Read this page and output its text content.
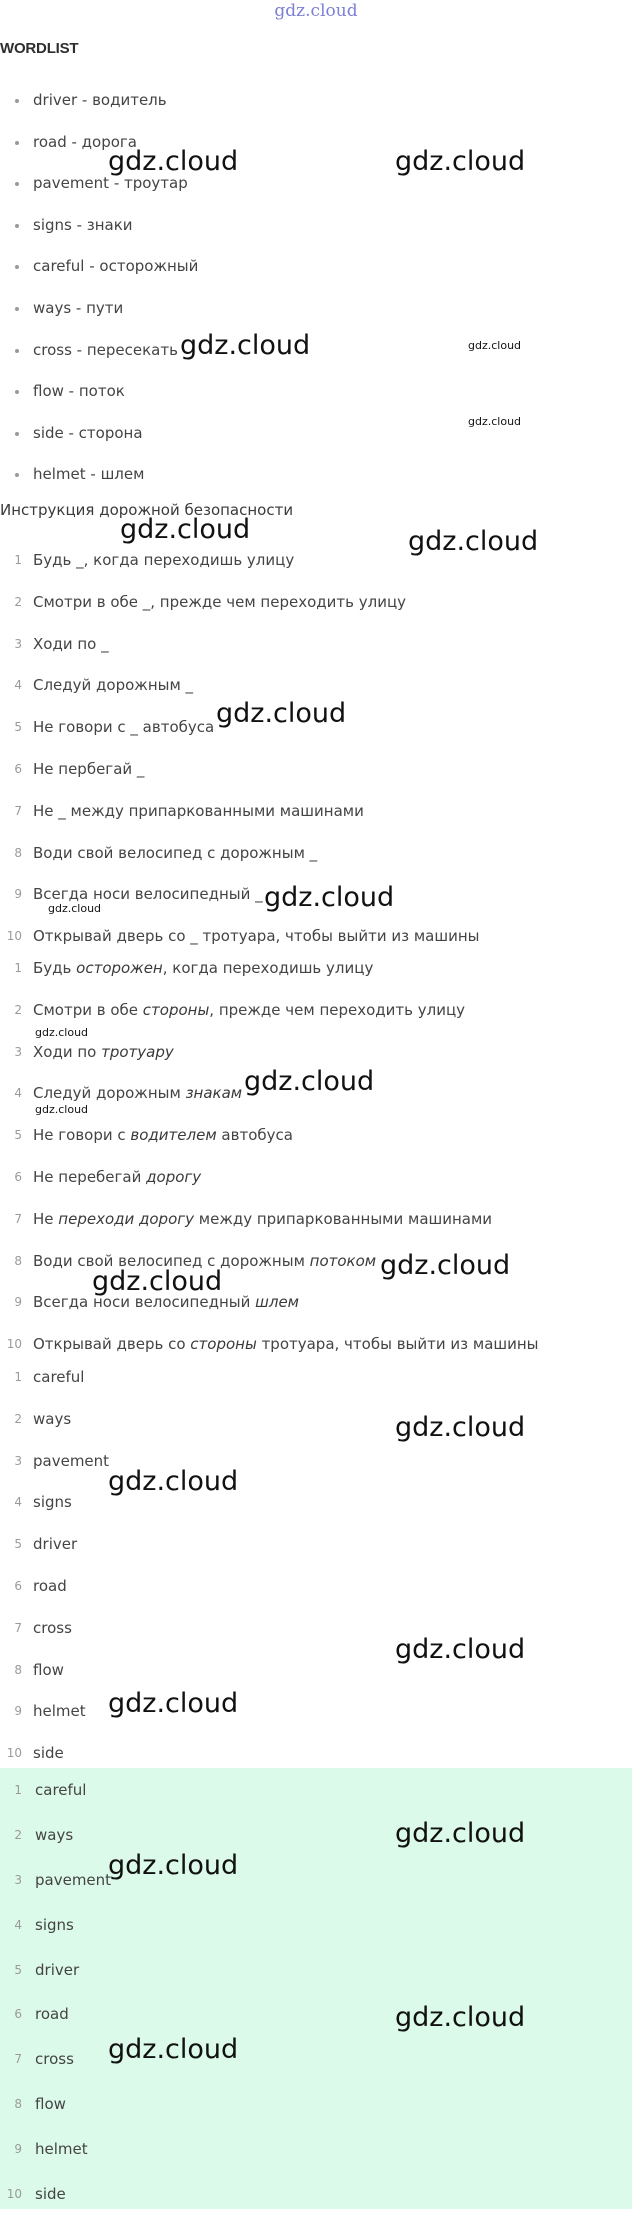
gdz.cloud
WORDLIST
driver - водитель
road - дорога
pavement - троутар
signs - знаки
careful - осторожный
ways - пути
cross - пересекать
flow - поток
side - сторона
helmet - шлем
Инструкция дорожной безопасности
1 Будь _, когда переходишь улицу
2 Смотри в обе _, прежде чем переходить улицу
3 Ходи по _
4 Следуй дорожным _
5 Не говори с _ автобуса
6 Не пербегай _
7 Не _ между припаркованными машинами
8 Води свой велосипед с дорожным _
9 Всегда носи велосипедный _
10 Открывай дверь со _ тротуара, чтобы выйти из машины
1 Будь осторожен, когда переходишь улицу
2 Смотри в обе стороны, прежде чем переходить улицу
3 Ходи по тротуару
4 Следуй дорожным знакам
5 Не говори с водителем автобуса
6 Не перебегай дорогу
7 Не переходи дорогу между припаркованными машинами
8 Води свой велосипед с дорожным потоком
9 Всегда носи велосипедный шлем
10 Открывай дверь со стороны тротуара, чтобы выйти из машины
1 careful
2 ways
3 pavement
4 signs
5 driver
6 road
7 cross
8 flow
9 helmet
10 side
1 careful
2 ways
3 pavement
4 signs
5 driver
6 road
7 cross
8 flow
9 helmet
10 side
gdz.cloud	gdz.cloud
gdz.cloud	gdz.cloud
gdz.cloud
gdz.cloud	gdz.cloud
gdz.cloud
gdz.cloud
gdz.cloud
gdz.cloud
gdz.cloud
gdz.cloud
gdz.cloud
gdz.cloud
gdz.cloud
gdz.cloud
gdz.cloud
gdz.cloud
gdz.cloud
gdz.cloud
gdz.cloud
gdz.cloud
